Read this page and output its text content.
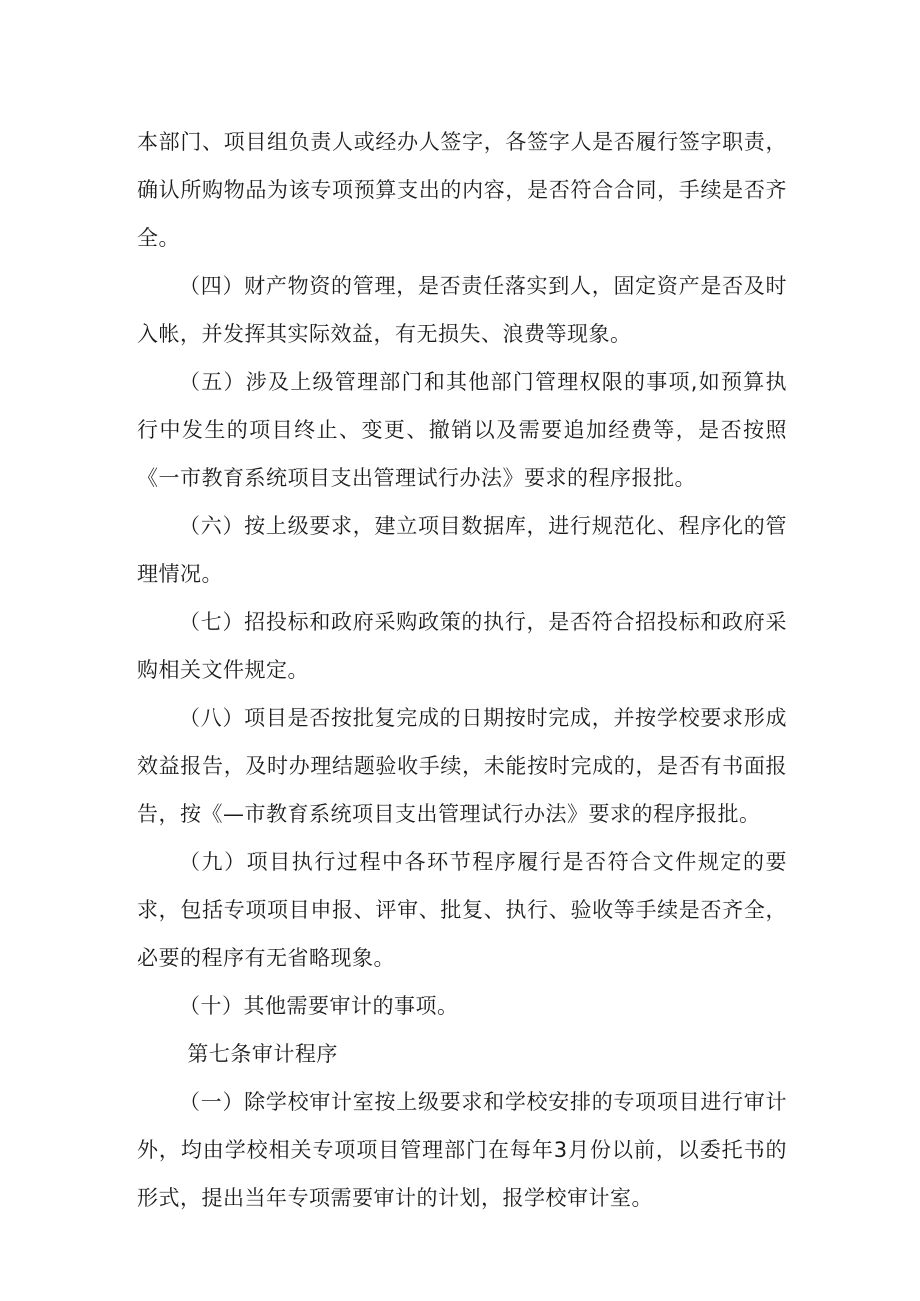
本部门、项目组负责人或经办人签字，各签字人是否履行签字职责，确认所购物品为该专项预算支出的内容，是否符合合同，手续是否齐全。

（四）财产物资的管理，是否责任落实到人，固定资产是否及时入帐，并发挥其实际效益，有无损失、浪费等现象。

（五）涉及上级管理部门和其他部门管理权限的事项,如预算执行中发生的项目终止、变更、撤销以及需要追加经费等，是否按照《一市教育系统项目支出管理试行办法》要求的程序报批。

（六）按上级要求，建立项目数据库，进行规范化、程序化的管理情况。

（七）招投标和政府采购政策的执行，是否符合招投标和政府采购相关文件规定。

（八）项目是否按批复完成的日期按时完成，并按学校要求形成效益报告，及时办理结题验收手续，未能按时完成的，是否有书面报告，按《—市教育系统项目支出管理试行办法》要求的程序报批。

（九）项目执行过程中各环节程序履行是否符合文件规定的要求，包括专项项目申报、评审、批复、执行、验收等手续是否齐全，必要的程序有无省略现象。

（十）其他需要审计的事项。

第七条审计程序

（一）除学校审计室按上级要求和学校安排的专项项目进行审计外，均由学校相关专项项目管理部门在每年3月份以前，以委托书的形式，提出当年专项需要审计的计划，报学校审计室。
